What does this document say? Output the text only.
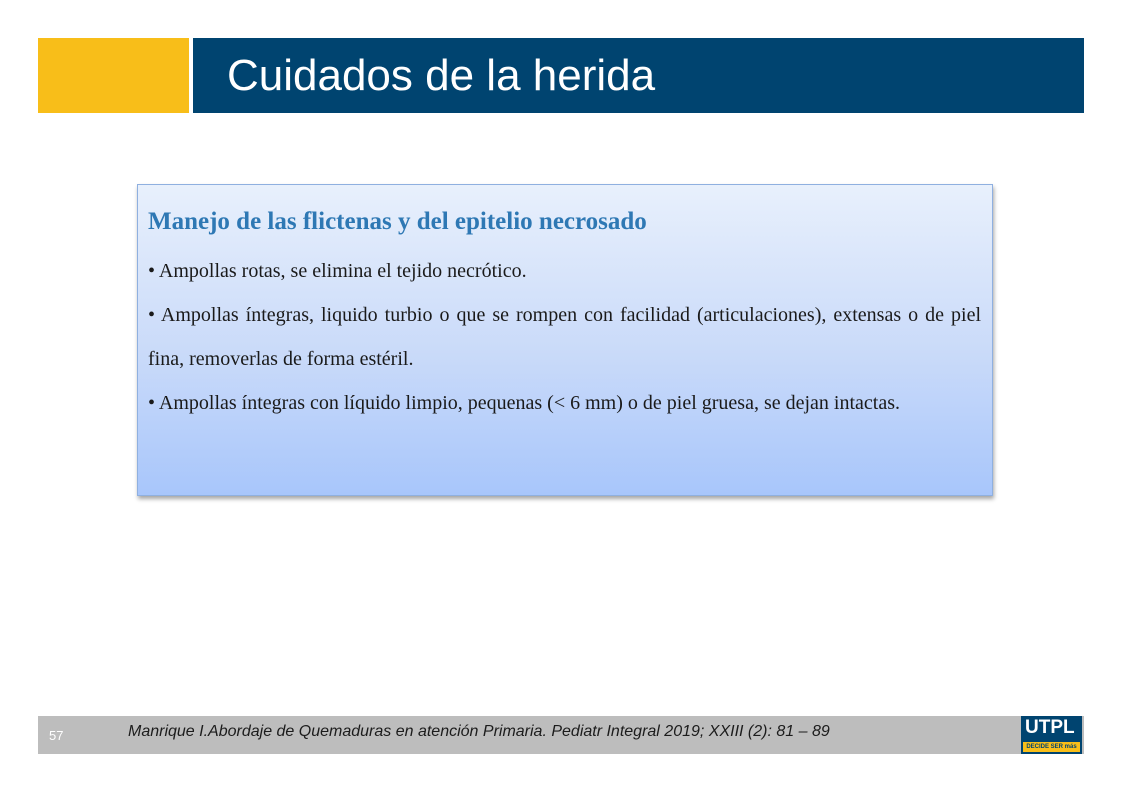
Cuidados de la herida

Manejo de las flictenas y del epitelio necrosado

• Ampollas rotas, se elimina el tejido necrótico.

• Ampollas íntegras, liquido turbio o que se rompen con facilidad (articulaciones), extensas o de piel fina, removerlas de forma estéril.

• Ampollas íntegras con líquido limpio, pequenas (< 6 mm) o de piel gruesa, se dejan intactas.

57	Manrique I.Abordaje de Quemaduras en atención Primaria. Pediatr Integral 2019; XXIII (2): 81 – 89	UTPL
DECIDE SER más
